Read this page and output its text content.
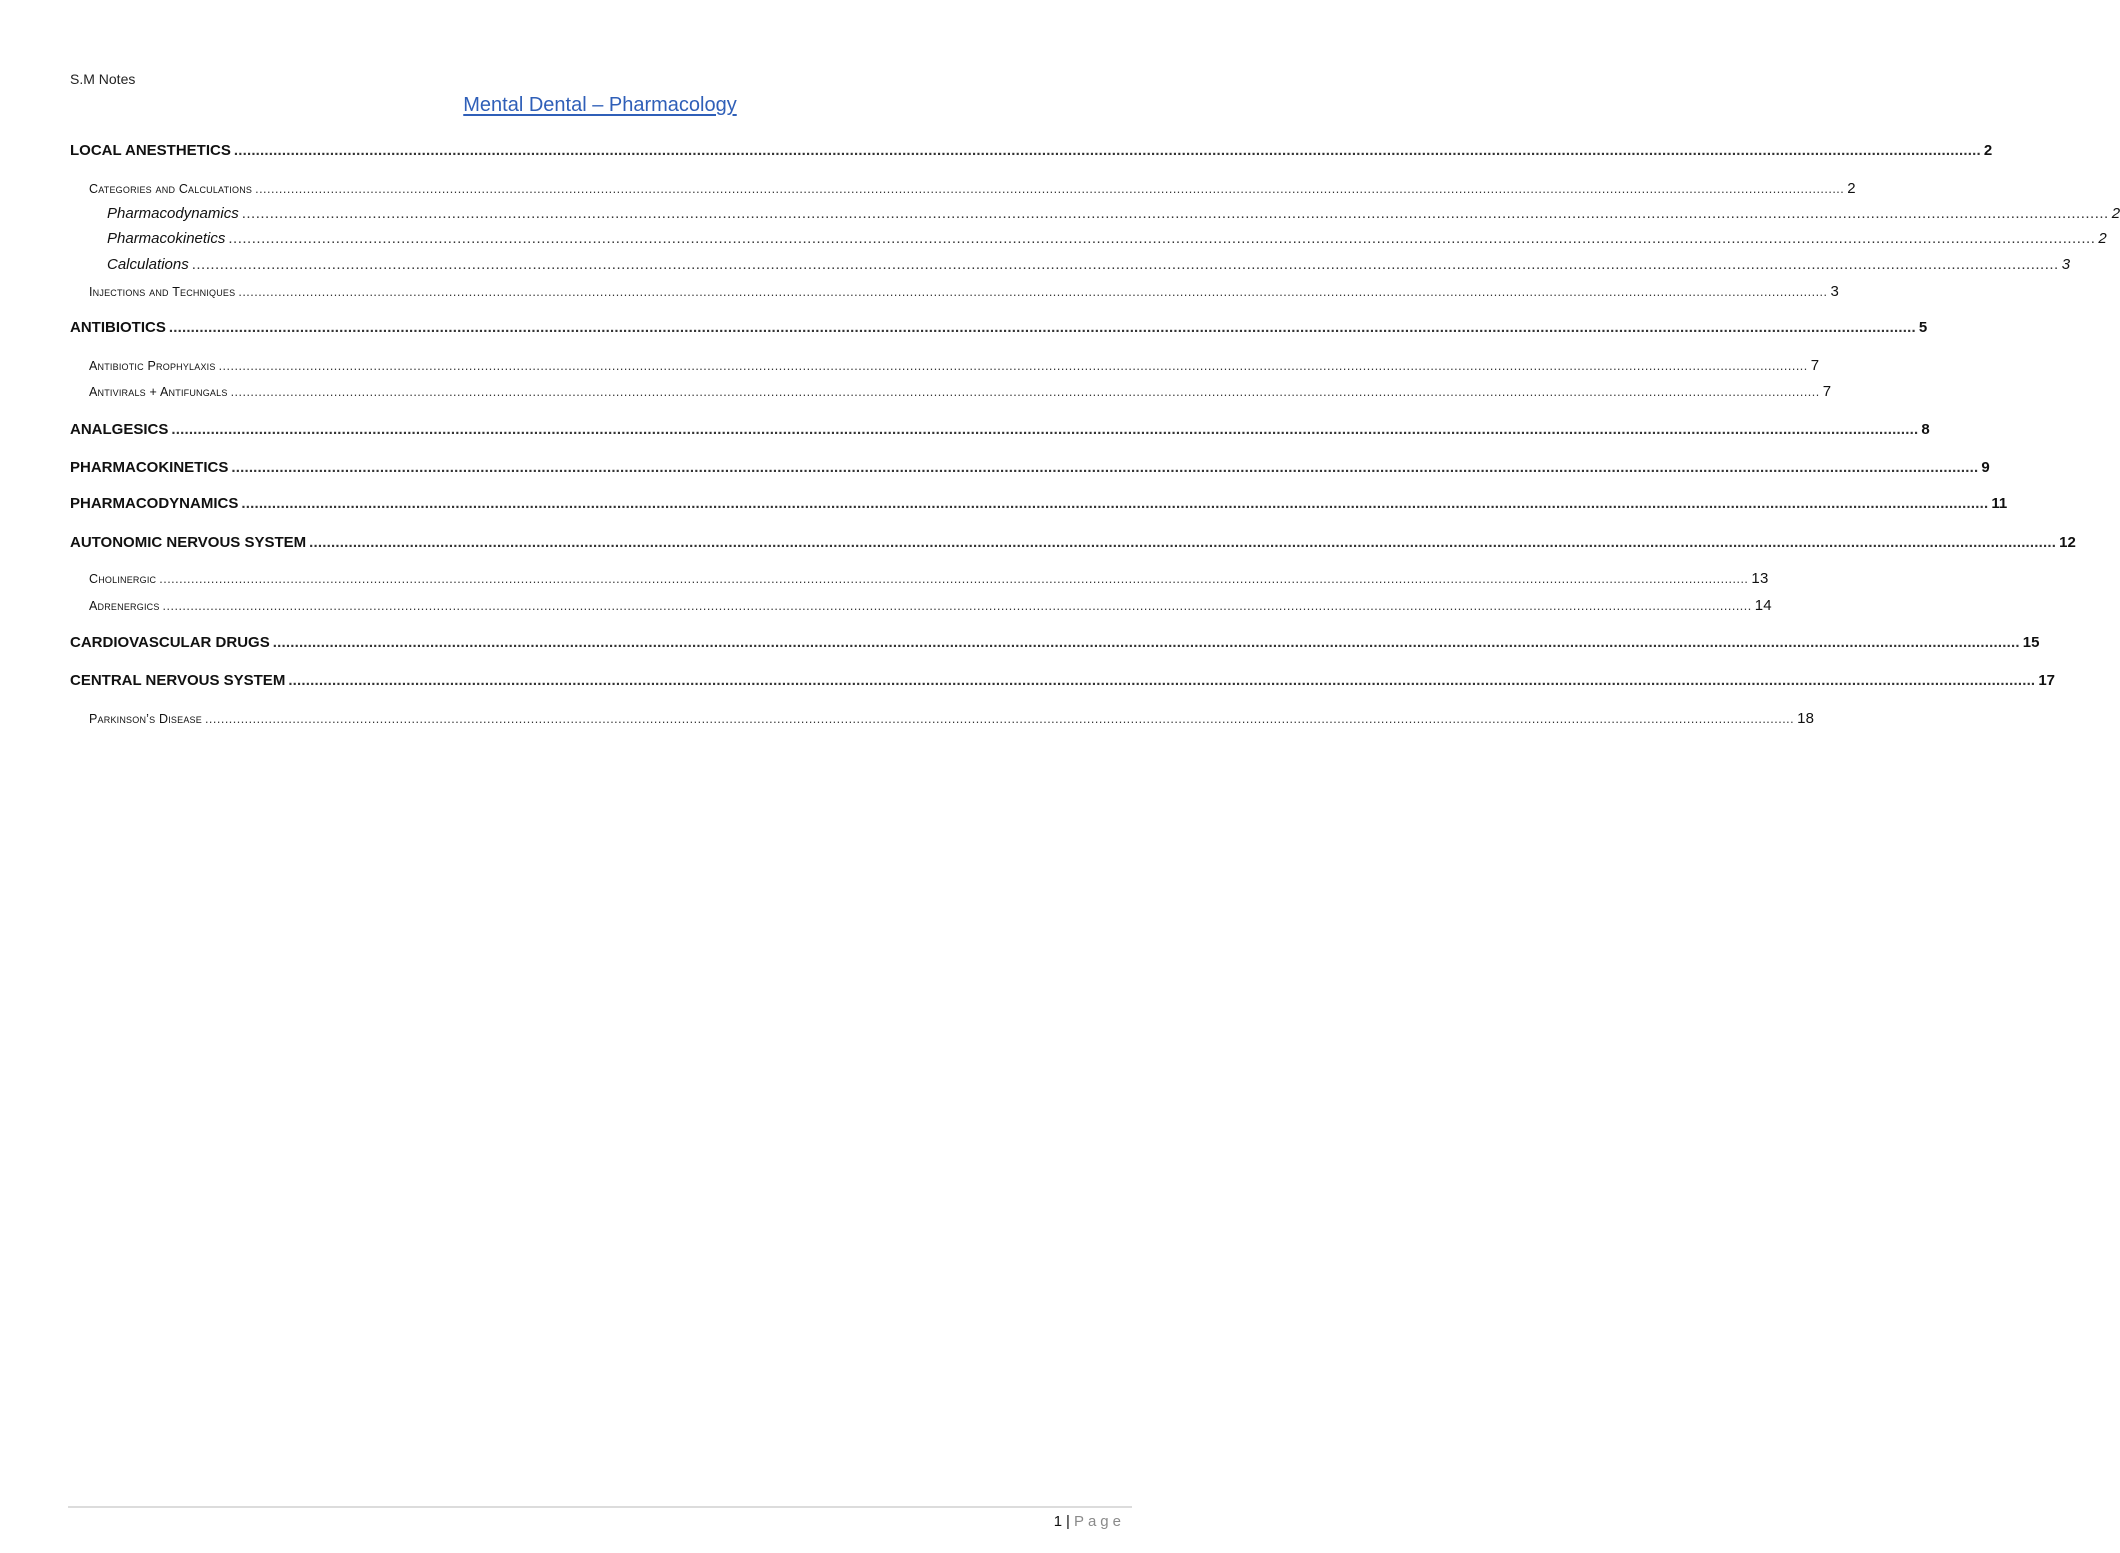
S.M Notes
Mental Dental – Pharmacology
LOCAL ANESTHETICS ................................................................................................................................................................................................................................................................................................................................................................................................................ 2
Categories and Calculations ................................................................................................................................................................................................................................................................................................................................................................................................................ 2
Pharmacodynamics ................................................................................................................................................................................................................................................................................................................................................................................................................ 2
Pharmacokinetics ................................................................................................................................................................................................................................................................................................................................................................................................................ 2
Calculations ................................................................................................................................................................................................................................................................................................................................................................................................................ 3
Injections and Techniques ................................................................................................................................................................................................................................................................................................................................................................................................................ 3
ANTIBIOTICS ................................................................................................................................................................................................................................................................................................................................................................................................................ 5
Antibiotic Prophylaxis ................................................................................................................................................................................................................................................................................................................................................................................................................ 7
Antivirals + Antifungals ................................................................................................................................................................................................................................................................................................................................................................................................................ 7
ANALGESICS ................................................................................................................................................................................................................................................................................................................................................................................................................ 8
PHARMACOKINETICS ................................................................................................................................................................................................................................................................................................................................................................................................................ 9
PHARMACODYNAMICS ................................................................................................................................................................................................................................................................................................................................................................................................................ 11
AUTONOMIC NERVOUS SYSTEM ................................................................................................................................................................................................................................................................................................................................................................................................................ 12
Cholinergic ................................................................................................................................................................................................................................................................................................................................................................................................................ 13
Adrenergics ................................................................................................................................................................................................................................................................................................................................................................................................................ 14
CARDIOVASCULAR DRUGS ................................................................................................................................................................................................................................................................................................................................................................................................................ 15
CENTRAL NERVOUS SYSTEM ................................................................................................................................................................................................................................................................................................................................................................................................................ 17
Parkinson’s Disease ................................................................................................................................................................................................................................................................................................................................................................................................................ 18
1 | Page
